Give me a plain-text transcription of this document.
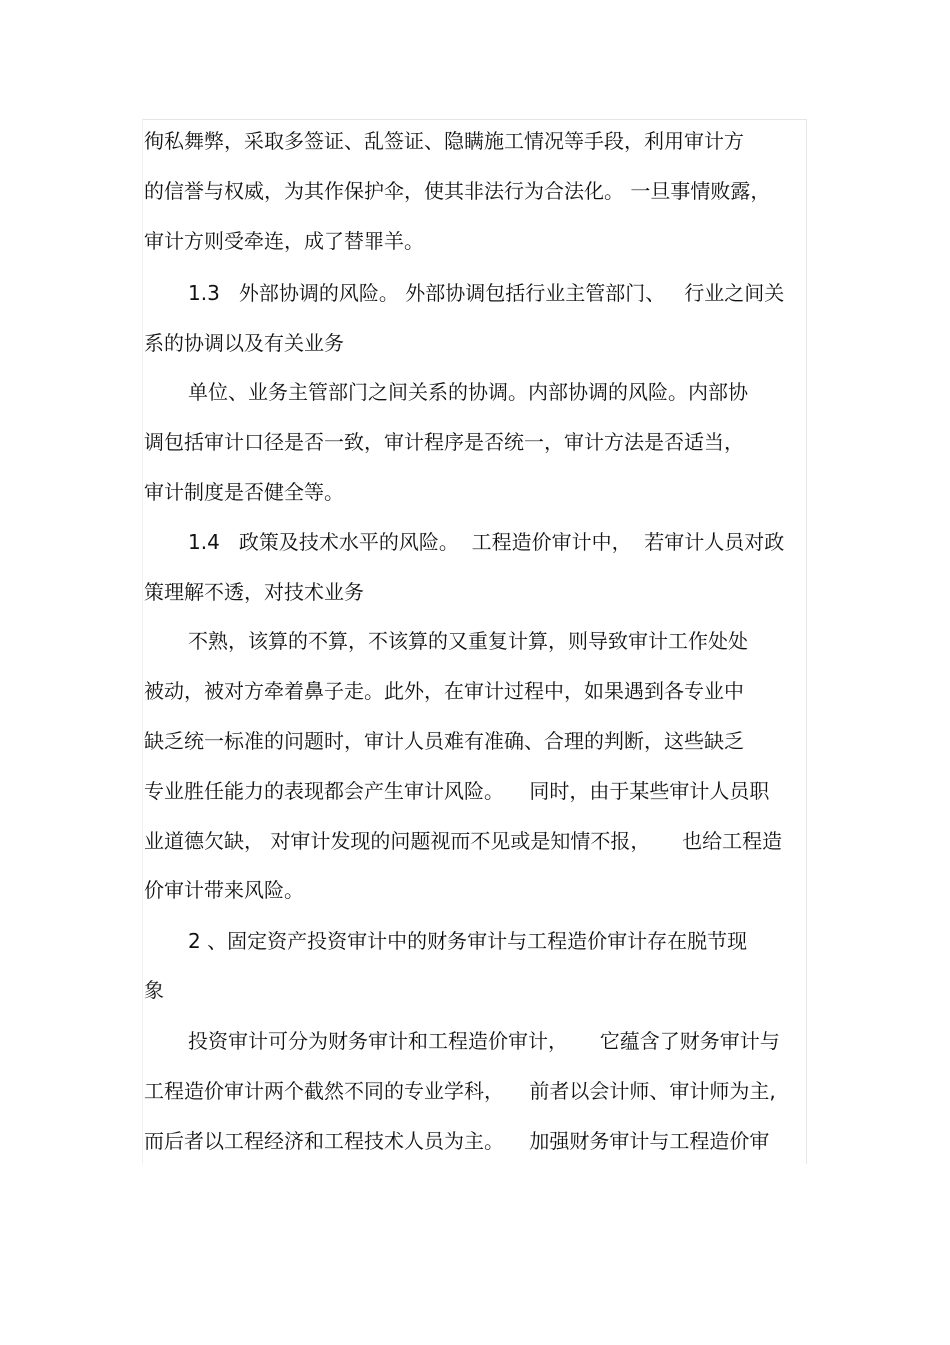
徇私舞弊，采取多签证、乱签证、隐瞒施工情况等手段，利用审计方
的信誉与权威，为其作保护伞，使其非法行为合法化。 一旦事情败露，
审计方则受牵连，成了替罪羊。
1.3   外部协调的风险。 外部协调包括行业主管部门、   行业之间关
系的协调以及有关业务
单位、业务主管部门之间关系的协调。内部协调的风险。内部协
调包括审计口径是否一致，审计程序是否统一，审计方法是否适当，
审计制度是否健全等。
1.4   政策及技术水平的风险。  工程造价审计中，  若审计人员对政
策理解不透，对技术业务
不熟，该算的不算，不该算的又重复计算，则导致审计工作处处
被动，被对方牵着鼻子走。此外，在审计过程中，如果遇到各专业中
缺乏统一标准的问题时，审计人员难有准确、合理的判断，这些缺乏
专业胜任能力的表现都会产生审计风险。    同时，由于某些审计人员职
业道德欠缺， 对审计发现的问题视而不见或是知情不报，     也给工程造
价审计带来风险。
2 、固定资产投资审计中的财务审计与工程造价审计存在脱节现
象
投资审计可分为财务审计和工程造价审计，     它蕴含了财务审计与
工程造价审计两个截然不同的专业学科，    前者以会计师、审计师为主,
而后者以工程经济和工程技术人员为主。    加强财务审计与工程造价审
